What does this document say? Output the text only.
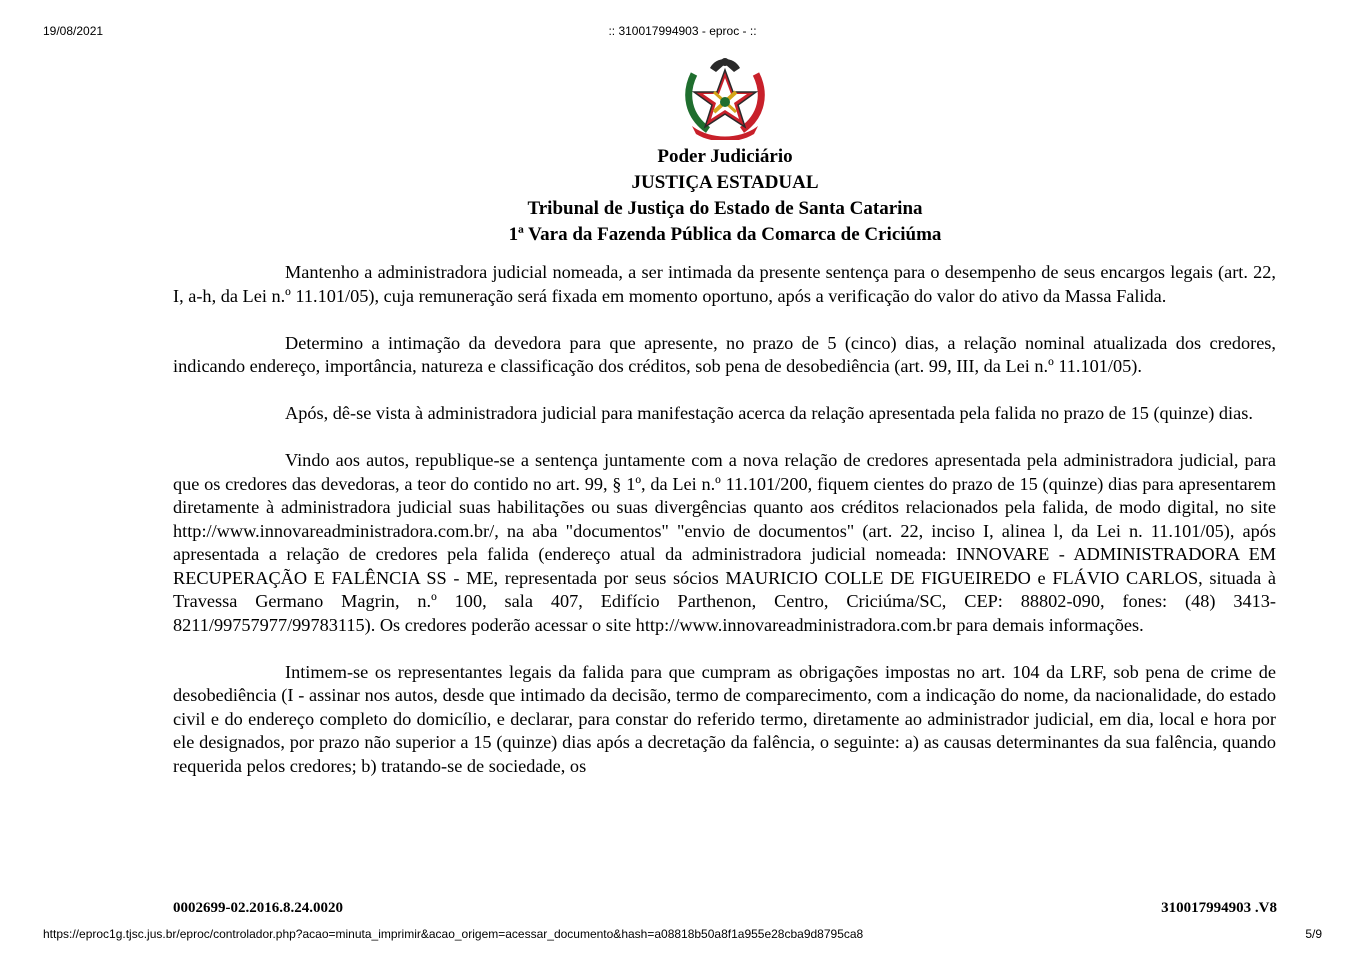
19/08/2021	:: 310017994903 - eproc - ::
Poder Judiciário
JUSTIÇA ESTADUAL
Tribunal de Justiça do Estado de Santa Catarina
1ª Vara da Fazenda Pública da Comarca de Criciúma

Mantenho a administradora judicial nomeada, a ser intimada da presente sentença para o desempenho de seus encargos legais (art. 22, I, a-h, da Lei n.º 11.101/05), cuja remuneração será fixada em momento oportuno, após a verificação do valor do ativo da Massa Falida.

Determino a intimação da devedora para que apresente, no prazo de 5 (cinco) dias, a relação nominal atualizada dos credores, indicando endereço, importância, natureza e classificação dos créditos, sob pena de desobediência (art. 99, III, da Lei n.º 11.101/05).

Após, dê-se vista à administradora judicial para manifestação acerca da relação apresentada pela falida no prazo de 15 (quinze) dias.

Vindo aos autos, republique-se a sentença juntamente com a nova relação de credores apresentada pela administradora judicial, para que os credores das devedoras, a teor do contido no art. 99, § 1º, da Lei n.º 11.101/200, fiquem cientes do prazo de 15 (quinze) dias para apresentarem diretamente à administradora judicial suas habilitações ou suas divergências quanto aos créditos relacionados pela falida, de modo digital, no site http://www.innovareadministradora.com.br/, na aba "documentos" "envio de documentos" (art. 22, inciso I, alinea l, da Lei n. 11.101/05), após apresentada a relação de credores pela falida (endereço atual da administradora judicial nomeada: INNOVARE - ADMINISTRADORA EM RECUPERAÇÃO E FALÊNCIA SS - ME, representada por seus sócios MAURICIO COLLE DE FIGUEIREDO e FLÁVIO CARLOS, situada à Travessa Germano Magrin, n.º 100, sala 407, Edifício Parthenon, Centro, Criciúma/SC, CEP: 88802-090, fones: (48) 3413-8211/99757977/99783115). Os credores poderão acessar o site http://www.innovareadministradora.com.br para demais informações.

Intimem-se os representantes legais da falida para que cumpram as obrigações impostas no art. 104 da LRF, sob pena de crime de desobediência (I - assinar nos autos, desde que intimado da decisão, termo de comparecimento, com a indicação do nome, da nacionalidade, do estado civil e do endereço completo do domicílio, e declarar, para constar do referido termo, diretamente ao administrador judicial, em dia, local e hora por ele designados, por prazo não superior a 15 (quinze) dias após a decretação da falência, o seguinte: a) as causas determinantes da sua falência, quando requerida pelos credores; b) tratando-se de sociedade, os

0002699-02.2016.8.24.0020	310017994903 .V8
https://eproc1g.tjsc.jus.br/eproc/controlador.php?acao=minuta_imprimir&acao_origem=acessar_documento&hash=a08818b50a8f1a955e28cba9d8795ca8	5/9
